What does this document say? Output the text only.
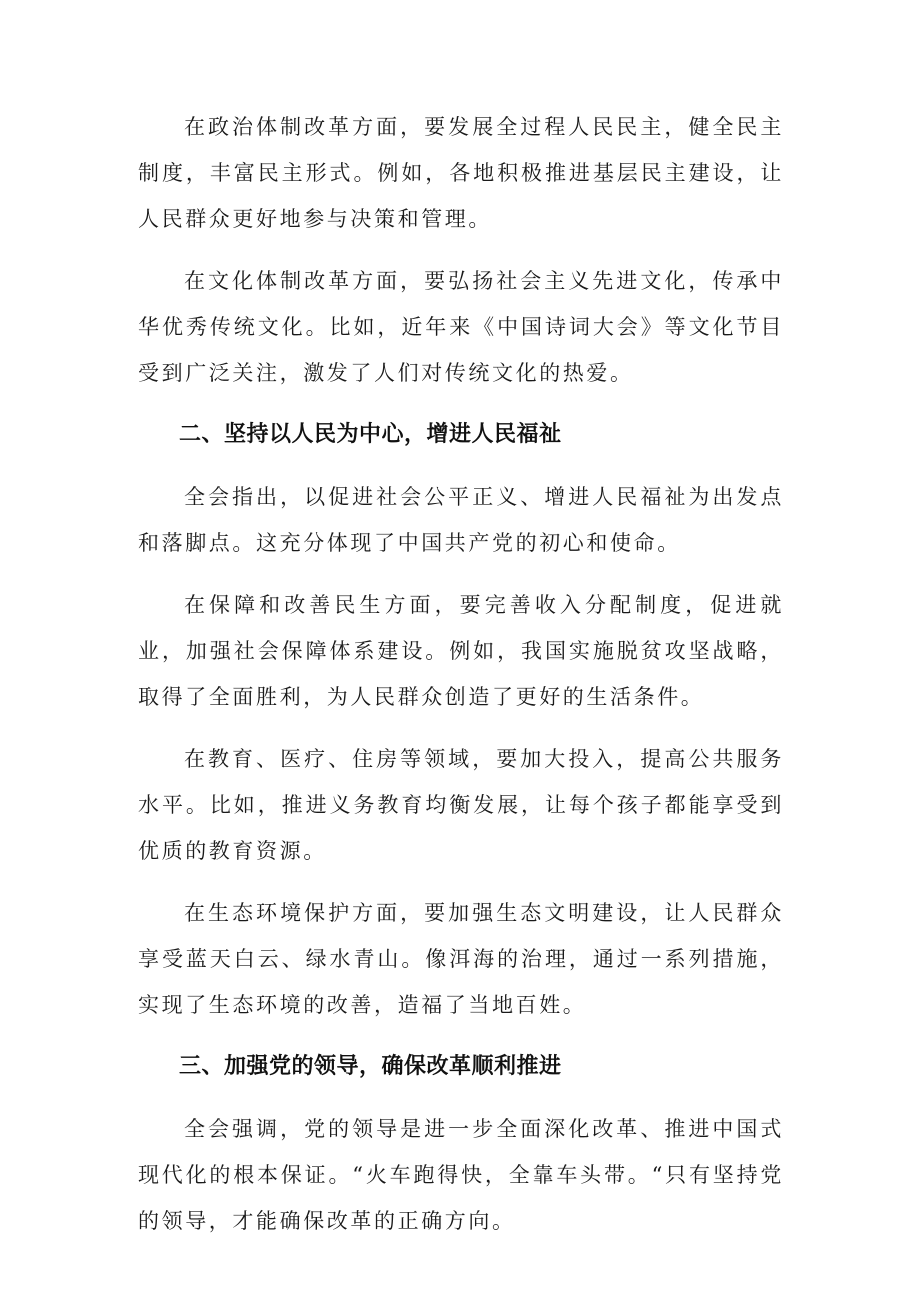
在政治体制改革方面，要发展全过程人民民主，健全民主制度，丰富民主形式。例如，各地积极推进基层民主建设，让人民群众更好地参与决策和管理。

在文化体制改革方面，要弘扬社会主义先进文化，传承中华优秀传统文化。比如，近年来《中国诗词大会》等文化节目受到广泛关注，激发了人们对传统文化的热爱。

二、坚持以人民为中心，增进人民福祉

全会指出，以促进社会公平正义、增进人民福祉为出发点和落脚点。这充分体现了中国共产党的初心和使命。

在保障和改善民生方面，要完善收入分配制度，促进就业，加强社会保障体系建设。例如，我国实施脱贫攻坚战略，取得了全面胜利，为人民群众创造了更好的生活条件。

在教育、医疗、住房等领域，要加大投入，提高公共服务水平。比如，推进义务教育均衡发展，让每个孩子都能享受到优质的教育资源。

在生态环境保护方面，要加强生态文明建设，让人民群众享受蓝天白云、绿水青山。像洱海的治理，通过一系列措施，实现了生态环境的改善，造福了当地百姓。

三、加强党的领导，确保改革顺利推进

全会强调，党的领导是进一步全面深化改革、推进中国式现代化的根本保证。“火车跑得快，全靠车头带。“只有坚持党的领导，才能确保改革的正确方向。
